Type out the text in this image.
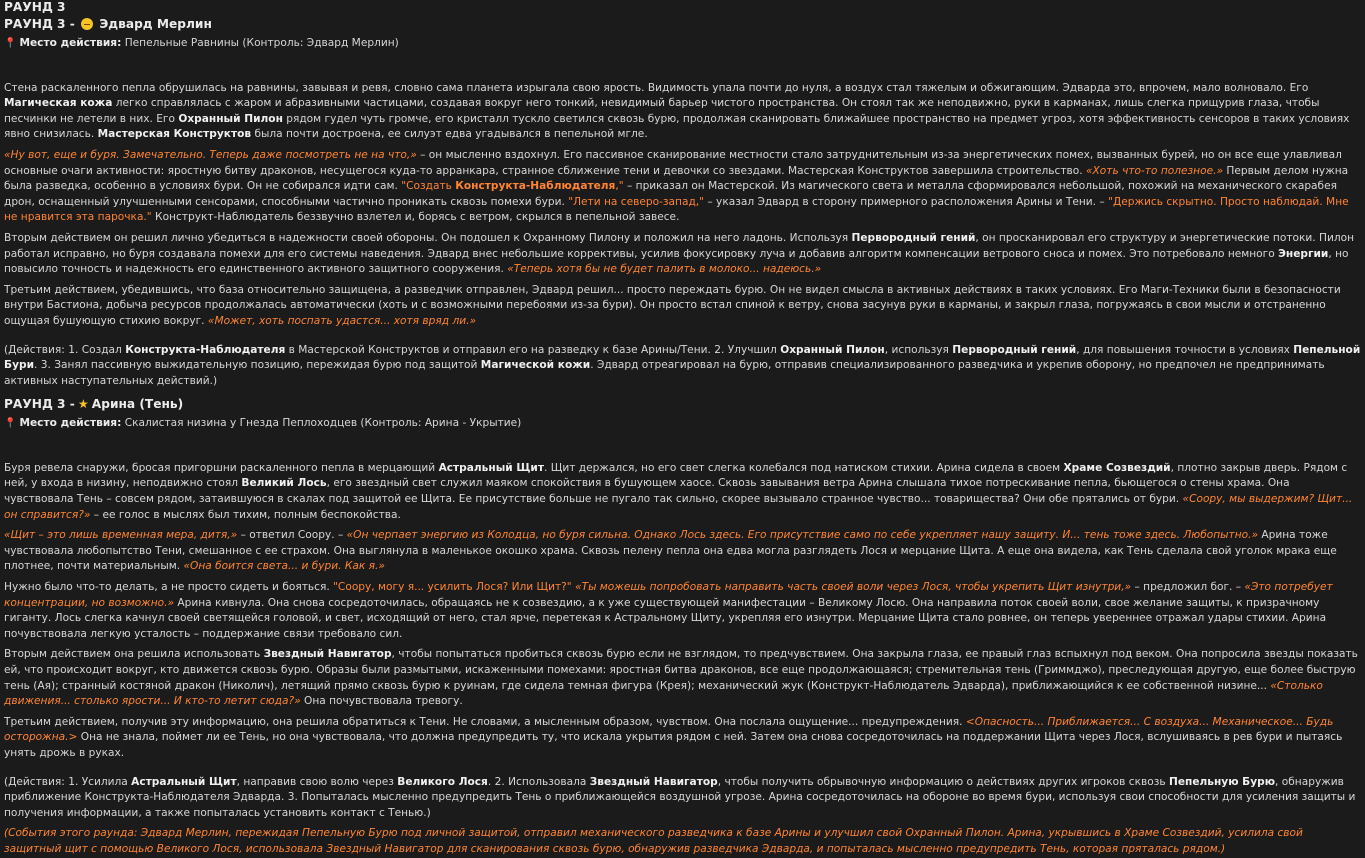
РАУНД 3
РАУНД 3 - Эдвард Мерлин
📍 Место действия: Пепельные Равнины (Контроль: Эдвард Мерлин)

Стена раскаленного пепла обрушилась на равнины, завывая и ревя, словно сама планета изрыгала свою ярость. Видимость упала почти до нуля, а воздух стал тяжелым и обжигающим. Эдварда это, впрочем, мало волновало. Его Магическая кожа легко справлялась с жаром и абразивными частицами, создавая вокруг него тонкий, невидимый барьер чистого пространства. Он стоял так же неподвижно, руки в карманах, лишь слегка прищурив глаза, чтобы песчинки не летели в них. Его Охранный Пилон рядом гудел чуть громче, его кристалл тускло светился сквозь бурю, продолжая сканировать ближайшее пространство на предмет угроз, хотя эффективность сенсоров в таких условиях явно снизилась. Мастерская Конструктов была почти достроена, ее силуэт едва угадывался в пепельной мгле.

«Ну вот, еще и буря. Замечательно. Теперь даже посмотреть не на что,» – он мысленно вздохнул. Его пассивное сканирование местности стало затруднительным из-за энергетических помех, вызванных бурей, но он все еще улавливал основные очаги активности: яростную битву драконов, несущегося куда-то арранкара, странное сближение тени и девочки со звездами. Мастерская Конструктов завершила строительство. «Хоть что-то полезное.» Первым делом нужна была разведка, особенно в условиях бури. Он не собирался идти сам. "Создать Конструкта-Наблюдателя," – приказал он Мастерской. Из магического света и металла сформировался небольшой, похожий на механического скарабея дрон, оснащенный улучшенными сенсорами, способными частично проникать сквозь помехи бури. "Лети на северо-запад," – указал Эдвард в сторону примерного расположения Арины и Тени. – "Держись скрытно. Просто наблюдай. Мне не нравится эта парочка." Конструкт-Наблюдатель беззвучно взлетел и, борясь с ветром, скрылся в пепельной завесе.

Вторым действием он решил лично убедиться в надежности своей обороны. Он подошел к Охранному Пилону и положил на него ладонь. Используя Перворoдный гений, он просканировал его структуру и энергетические потоки. Пилон работал исправно, но буря создавала помехи для его системы наведения. Эдвард внес небольшие коррективы, усилив фокусировку луча и добавив алгоритм компенсации ветрового сноса и помех. Это потребовало немного Энергии, но повысило точность и надежность его единственного активного защитного сооружения. «Теперь хотя бы не будет палить в молоко... надеюсь.»

Третьим действием, убедившись, что база относительно защищена, а разведчик отправлен, Эдвард решил... просто переждать бурю. Он не видел смысла в активных действиях в таких условиях. Его Маги-Техники были в безопасности внутри Бастиона, добыча ресурсов продолжалась автоматически (хоть и с возможными перебоями из-за бури). Он просто встал спиной к ветру, снова засунув руки в карманы, и закрыл глаза, погружаясь в свои мысли и отстраненно ощущая бушующую стихию вокруг. «Может, хоть поспать удастся... хотя вряд ли.»

(Действия: 1. Создал Конструкта-Наблюдателя в Мастерской Конструктов и отправил его на разведку к базе Арины/Тени. 2. Улучшил Охранный Пилон, используя Перворoдный гений, для повышения точности в условиях Пепельной Бури. 3. Занял пассивную выжидательную позицию, пережидая бурю под защитой Магической кожи. Эдвард отреагировал на бурю, отправив специализированного разведчика и укрепив оборону, но предпочел не предпринимать активных наступательных действий.)

РАУНД 3 - ★ Арина (Тень)
📍 Место действия: Скалистая низина у Гнезда Пеплоходцев (Контроль: Арина - Укрытие)

Буря ревела снаружи, бросая пригоршни раскаленного пепла в мерцающий Астральный Щит. Щит держался, но его свет слегка колебался под натиском стихии. Арина сидела в своем Храме Созвездий, плотно закрыв дверь. Рядом с ней, у входа в низину, неподвижно стоял Великий Лось, его звездный свет служил маяком спокойствия в бушующем хаосе. Сквозь завывания ветра Арина слышала тихое потрескивание пепла, бьющегося о стены храма. Она чувствовала Тень – совсем рядом, затаившуюся в скалах под защитой ее Щита. Ее присутствие больше не пугало так сильно, скорее вызывало странное чувство... товарищества? Они обе прятались от бури. «Соору, мы выдержим? Щит... он справится?» – ее голос в мыслях был тихим, полным беспокойства.

«Щит – это лишь временная мера, дитя,» – ответил Соору. – «Он черпает энергию из Колодца, но буря сильна. Однако Лось здесь. Его присутствие само по себе укрепляет нашу защиту. И... тень тоже здесь. Любопытно.» Арина тоже чувствовала любопытство Тени, смешанное с ее страхом. Она выглянула в маленькое окошко храма. Сквозь пелену пепла она едва могла разглядеть Лося и мерцание Щита. А еще она видела, как Тень сделала свой уголок мрака еще плотнее, почти материальным. «Она боится света... и бури. Как я.»

Нужно было что-то делать, а не просто сидеть и бояться. "Соору, могу я... усилить Лося? Или Щит?" «Ты можешь попробовать направить часть своей воли через Лося, чтобы укрепить Щит изнутри,» – предложил бог. – «Это потребует концентрации, но возможно.» Арина кивнула. Она снова сосредоточилась, обращаясь не к созвездию, а к уже существующей манифестации – Великому Лосю. Она направила поток своей воли, свое желание защиты, к призрачному гиганту. Лось слегка качнул своей светящейся головой, и свет, исходящий от него, стал ярче, перетекая к Астральному Щиту, укрепляя его изнутри. Мерцание Щита стало ровнее, он теперь увереннее отражал удары стихии. Арина почувствовала легкую усталость – поддержание связи требовало сил.

Вторым действием она решила использовать Звездный Навигатор, чтобы попытаться пробиться сквозь бурю если не взглядом, то предчувствием. Она закрыла глаза, ее правый глаз вспыхнул под веком. Она попросила звезды показать ей, что происходит вокруг, кто движется сквозь бурю. Образы были размытыми, искаженными помехами: яростная битва драконов, все еще продолжающаяся; стремительная тень (Гриммджо), преследующая другую, еще более быструю тень (Ая); странный костяной дракон (Николич), летящий прямо сквозь бурю к руинам, где сидела темная фигура (Крея); механический жук (Конструкт-Наблюдатель Эдварда), приближающийся к ее собственной низине... «Столько движения... столько ярости... И кто-то летит сюда?» Она почувствовала тревогу.

Третьим действием, получив эту информацию, она решила обратиться к Тени. Не словами, а мысленным образом, чувством. Она послала ощущение... предупреждения. <Опасность... Приближается... С воздуха... Механическое... Будь осторожна.> Она не знала, поймет ли ее Тень, но она чувствовала, что должна предупредить ту, что искала укрытия рядом с ней. Затем она снова сосредоточилась на поддержании Щита через Лося, вслушиваясь в рев бури и пытаясь унять дрожь в руках.

(Действия: 1. Усилила Астральный Щит, направив свою волю через Великого Лося. 2. Использовала Звездный Навигатор, чтобы получить обрывочную информацию о действиях других игроков сквозь Пепельную Бурю, обнаружив приближение Конструкта-Наблюдателя Эдварда. 3. Попыталась мысленно предупредить Тень о приближающейся воздушной угрозе. Арина сосредоточилась на обороне во время бури, используя свои способности для усиления защиты и получения информации, а также попыталась установить контакт с Тенью.)

(События этого раунда: Эдвард Мерлин, пережидая Пепельную Бурю под личной защитой, отправил механического разведчика к базе Арины и улучшил свой Охранный Пилон. Арина, укрывшись в Храме Созвездий, усилила свой защитный щит с помощью Великого Лося, использовала Звездный Навигатор для сканирования сквозь бурю, обнаружив разведчика Эдварда, и попыталась мысленно предупредить Тень, которая пряталась рядом.)
